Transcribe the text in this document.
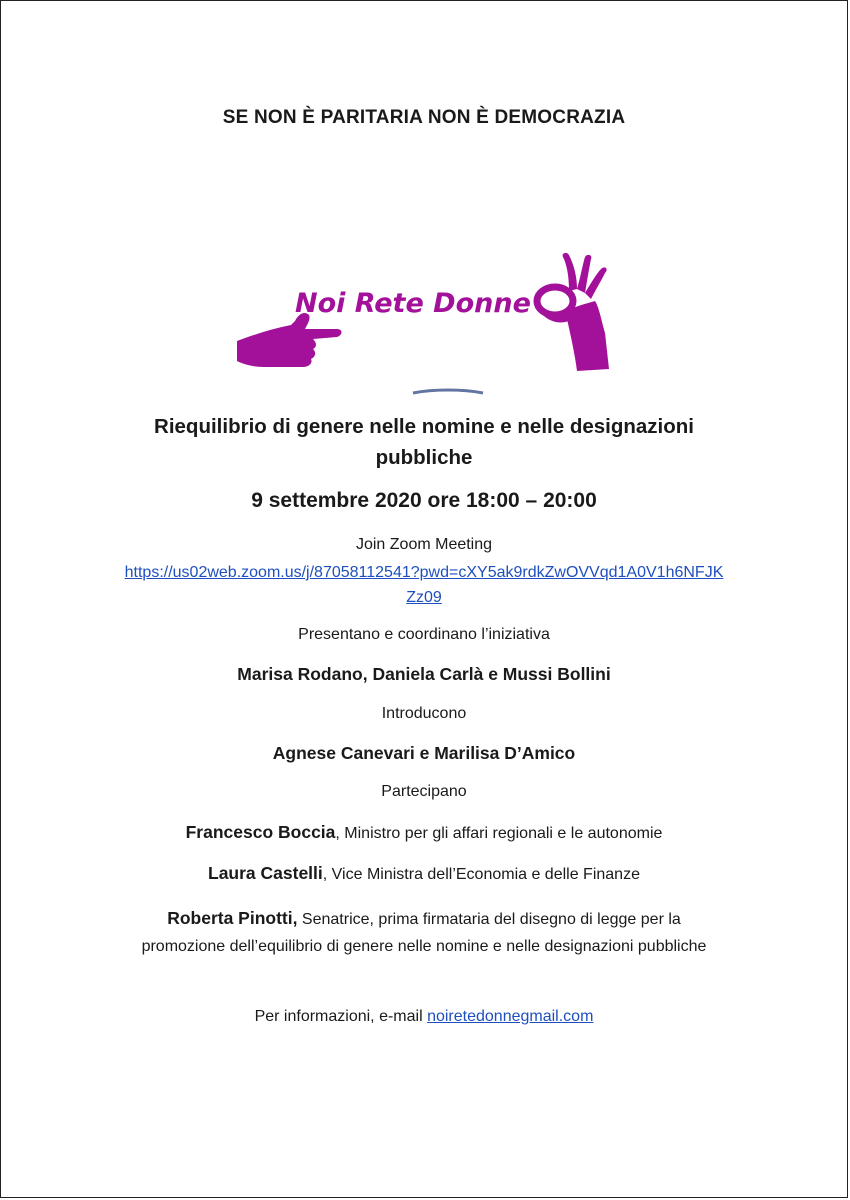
SE NON È PARITARIA NON È DEMOCRAZIA
Noi Rete Donne
Riequilibrio di genere nelle nomine e nelle designazioni
pubbliche
9 settembre 2020 ore 18:00 – 20:00
Join Zoom Meeting
https://us02web.zoom.us/j/87058112541?pwd=cXY5ak9rdkZwOVVqd1A0V1h6NFJK
Zz09
Presentano e coordinano l’iniziativa
Marisa Rodano, Daniela Carlà e Mussi Bollini
Introducono
Agnese Canevari e Marilisa D’Amico
Partecipano
Francesco Boccia, Ministro per gli affari regionali e le autonomie
Laura Castelli, Vice Ministra dell’Economia e delle Finanze
Roberta Pinotti, Senatrice, prima firmataria del disegno di legge per la
promozione dell’equilibrio di genere nelle nomine e nelle designazioni pubbliche
Per informazioni, e-mail noiretedonnegmail.com
